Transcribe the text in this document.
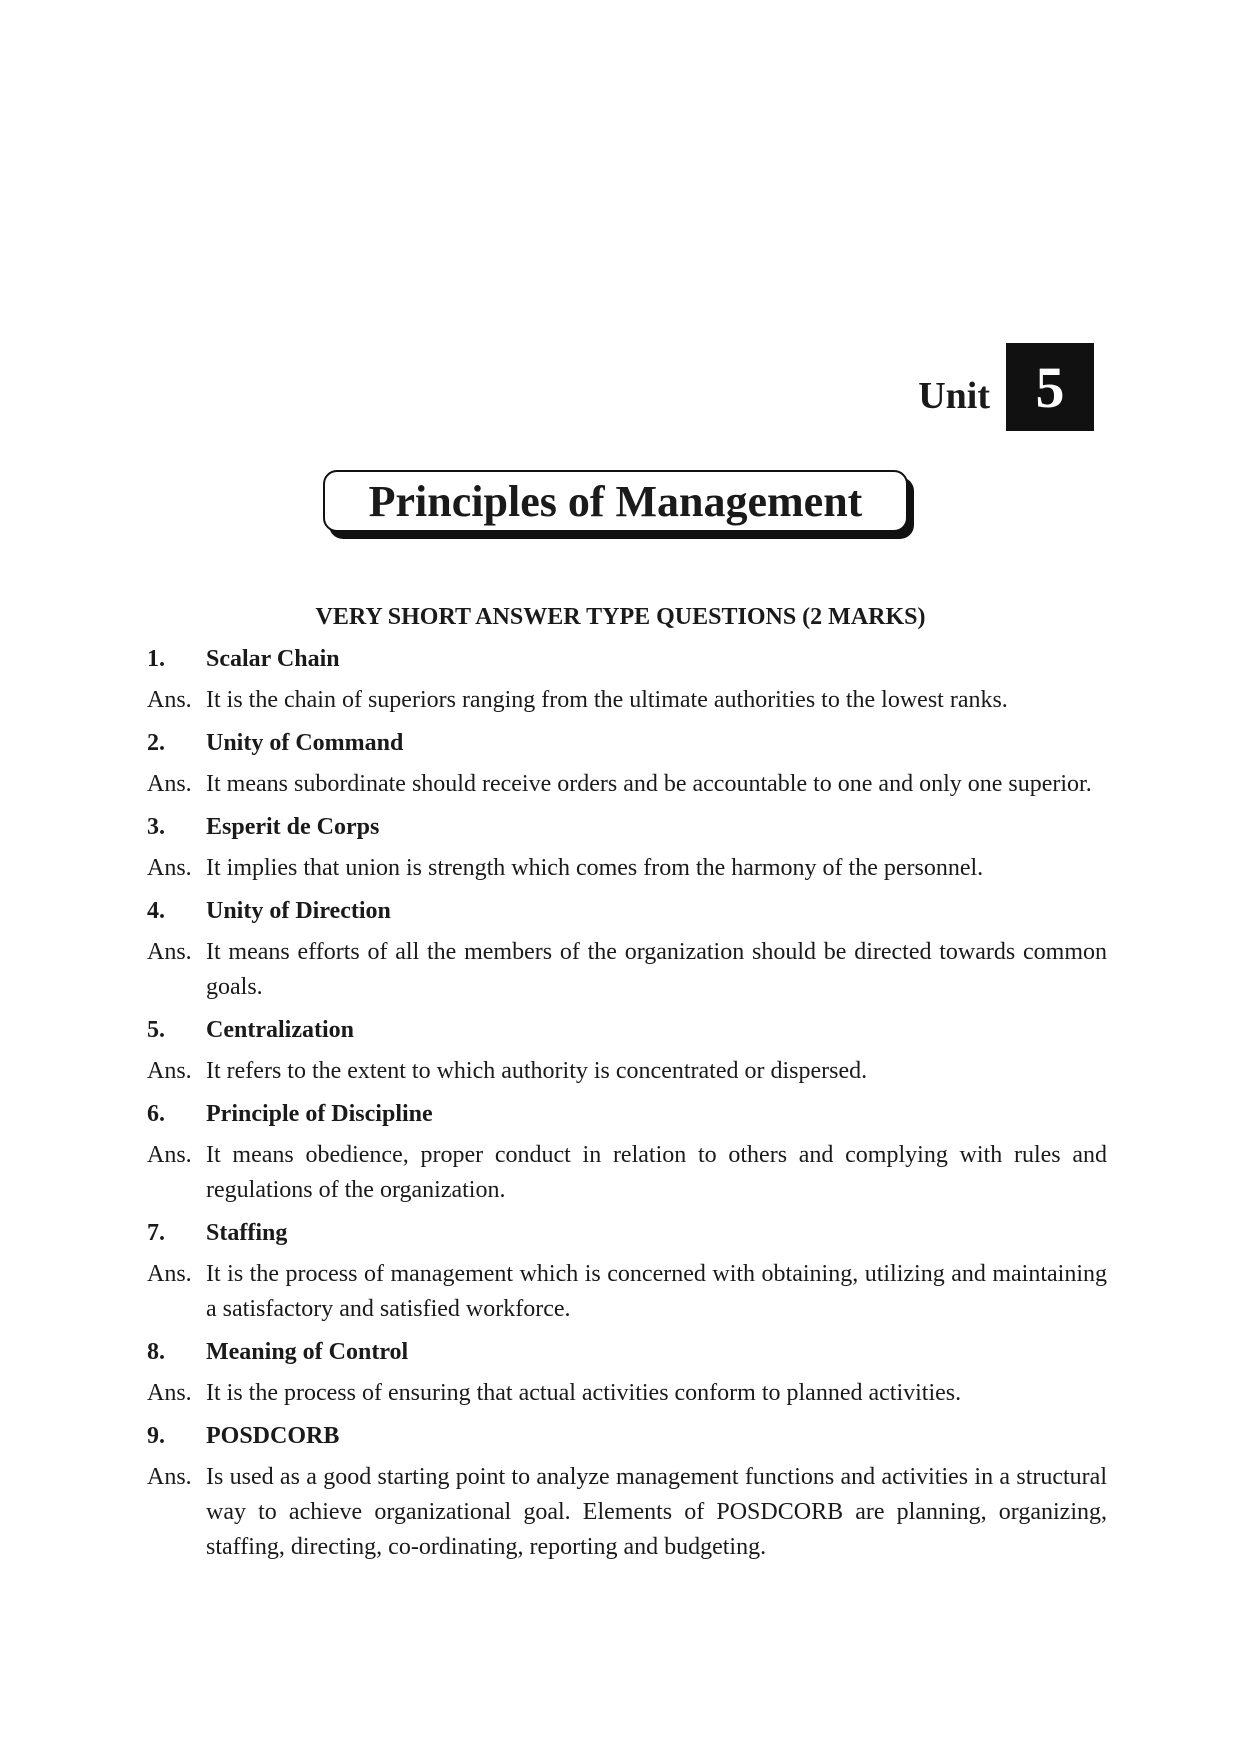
Unit 5
Principles of Management
VERY SHORT ANSWER TYPE QUESTIONS (2 MARKS)
1.	Scalar Chain
Ans. It is the chain of superiors ranging from the ultimate authorities to the lowest ranks.
2.	Unity of Command
Ans. It means subordinate should receive orders and be accountable to one and only one superior.
3.	Esperit de Corps
Ans. It implies that union is strength which comes from the harmony of the personnel.
4.	Unity of Direction
Ans. It means efforts of all the members of the organization should be directed towards common goals.
5.	Centralization
Ans. It refers to the extent to which authority is concentrated or dispersed.
6.	Principle of Discipline
Ans. It means obedience, proper conduct in relation to others and complying with rules and regulations of the organization.
7.	Staffing
Ans. It is the process of management which is concerned with obtaining, utilizing and maintaining a satisfactory and satisfied workforce.
8.	Meaning of Control
Ans. It is the process of ensuring that actual activities conform to planned activities.
9.	POSDCORB
Ans. Is used as a good starting point to analyze management functions and activities in a structural way to achieve organizational goal. Elements of POSDCORB are planning, organizing, staffing, directing, co-ordinating, reporting and budgeting.
